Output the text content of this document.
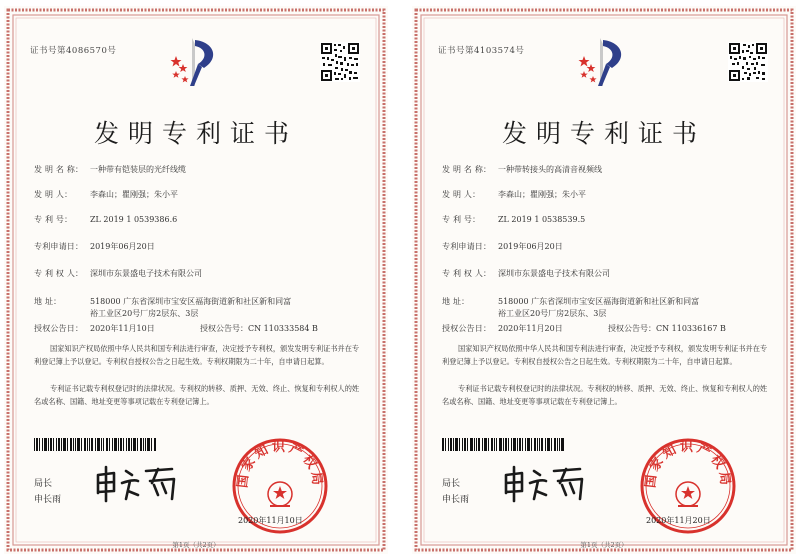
证书号第4086570号
发明专利证书
发 明 名 称： 一种带有铠装层的光纤线缆
发 明 人： 李森山；瞿刚强；朱小平
专 利 号： ZL 2019 1 0539386.6
专利申请日： 2019年06月20日
专 利 权 人： 深圳市东景盛电子技术有限公司
地 址：	518000 广东省深圳市宝安区福海街道新和社区新和同富
裕工业区20号厂房2层东、3层
授权公告日： 2020年11月10日	授权公告号：CN 110333584 B
国家知识产权局依照中华人民共和国专利法进行审查，决定授予专利权，颁发发明专利证书并在专利登记簿上予以登记。专利权自授权公告之日起生效。专利权期限为二十年，自申请日起算。
专利证书记载专利权登记时的法律状况。专利权的转移、质押、无效、终止、恢复和专利权人的姓名或名称、国籍、地址变更等事项记载在专利登记簿上。
局长
申长雨
国家知识产权局
2020年11月10日
第1页（共2页）
证书号第4103574号
发明专利证书
发 明 名 称： 一种带转接头的高清音视频线
发 明 人： 李森山；瞿刚强；朱小平
专 利 号： ZL 2019 1 0538539.5
专利申请日： 2019年06月20日
专 利 权 人： 深圳市东景盛电子技术有限公司
地 址：	518000 广东省深圳市宝安区福海街道新和社区新和同富
裕工业区20号厂房2层东、3层
授权公告日： 2020年11月20日	授权公告号：CN 110336167 B
国家知识产权局依照中华人民共和国专利法进行审查，决定授予专利权，颁发发明专利证书并在专利登记簿上予以登记。专利权自授权公告之日起生效。专利权期限为二十年，自申请日起算。
专利证书记载专利权登记时的法律状况。专利权的转移、质押、无效、终止、恢复和专利权人的姓名或名称、国籍、地址变更等事项记载在专利登记簿上。
局长
申长雨
国家知识产权局
2020年11月20日
第1页（共2页）
